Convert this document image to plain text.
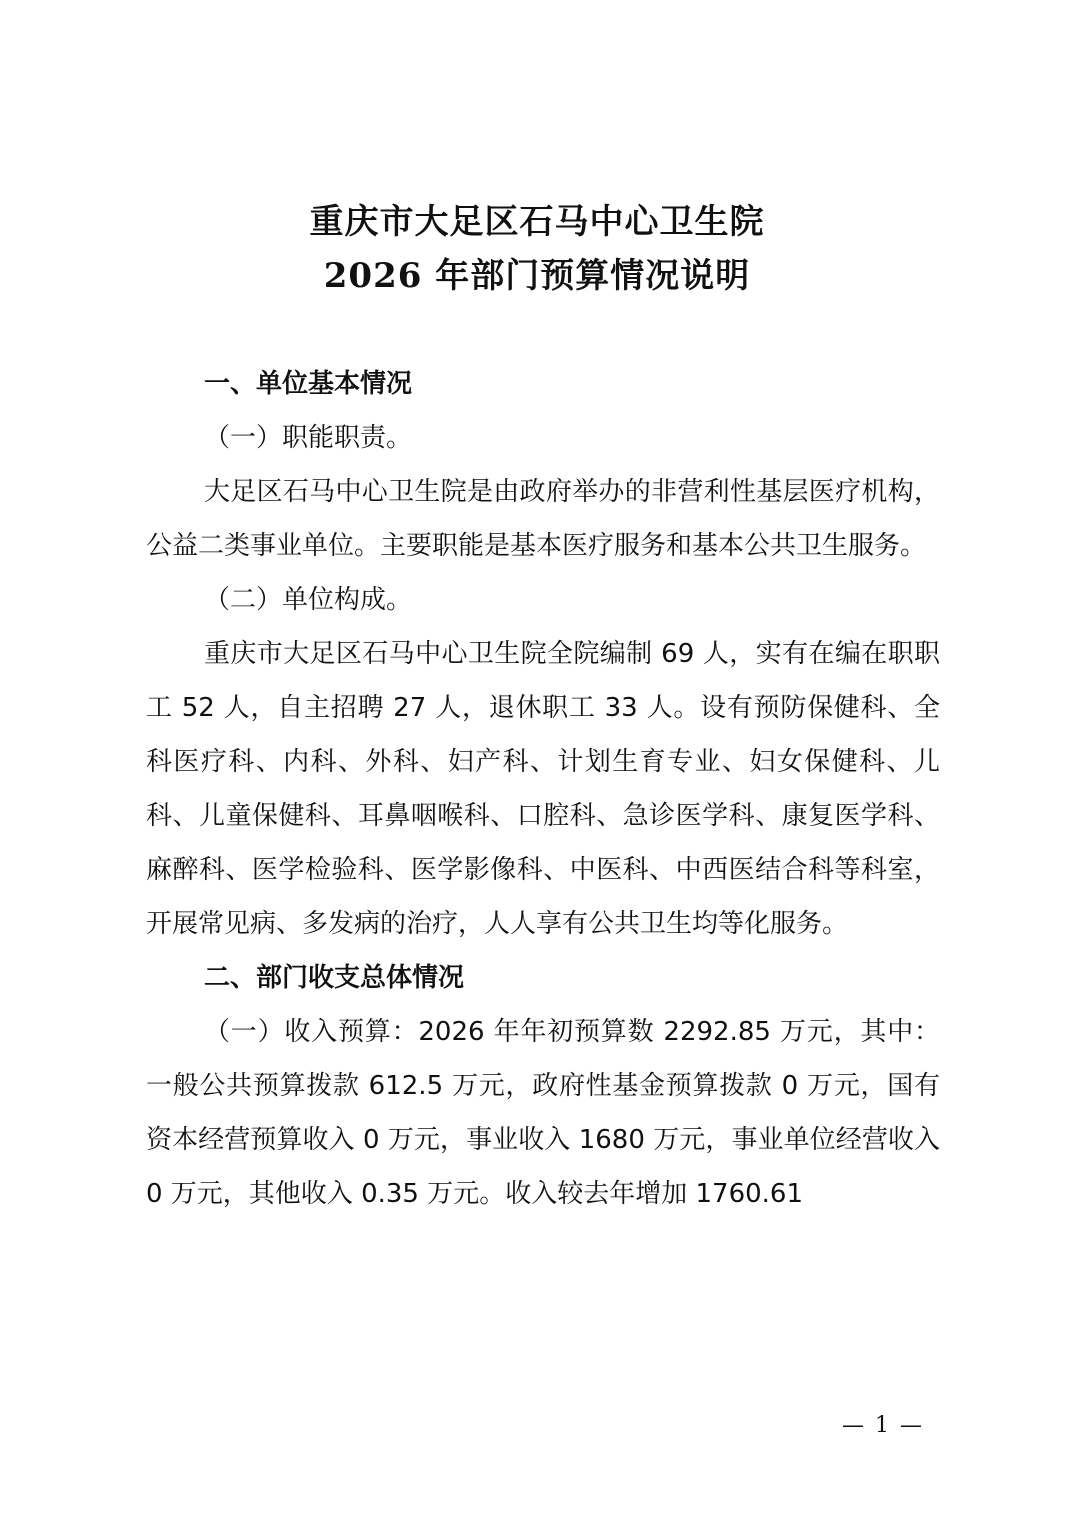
重庆市大足区石马中心卫生院
2026 年部门预算情况说明

一、单位基本情况

（一）职能职责。

大足区石马中心卫生院是由政府举办的非营利性基层医疗机构，公益二类事业单位。主要职能是基本医疗服务和基本公共卫生服务。

（二）单位构成。

重庆市大足区石马中心卫生院全院编制 69 人，实有在编在职职工 52 人，自主招聘 27 人，退休职工 33 人。设有预防保健科、全科医疗科、内科、外科、妇产科、计划生育专业、妇女保健科、儿科、儿童保健科、耳鼻咽喉科、口腔科、急诊医学科、康复医学科、麻醉科、医学检验科、医学影像科、中医科、中西医结合科等科室，开展常见病、多发病的治疗，人人享有公共卫生均等化服务。

二、部门收支总体情况

（一）收入预算：2026 年年初预算数 2292.85 万元，其中：一般公共预算拨款 612.5 万元，政府性基金预算拨款 0 万元，国有资本经营预算收入 0 万元，事业收入 1680 万元，事业单位经营收入 0 万元，其他收入 0.35 万元。收入较去年增加 1760.61

— 1 —
